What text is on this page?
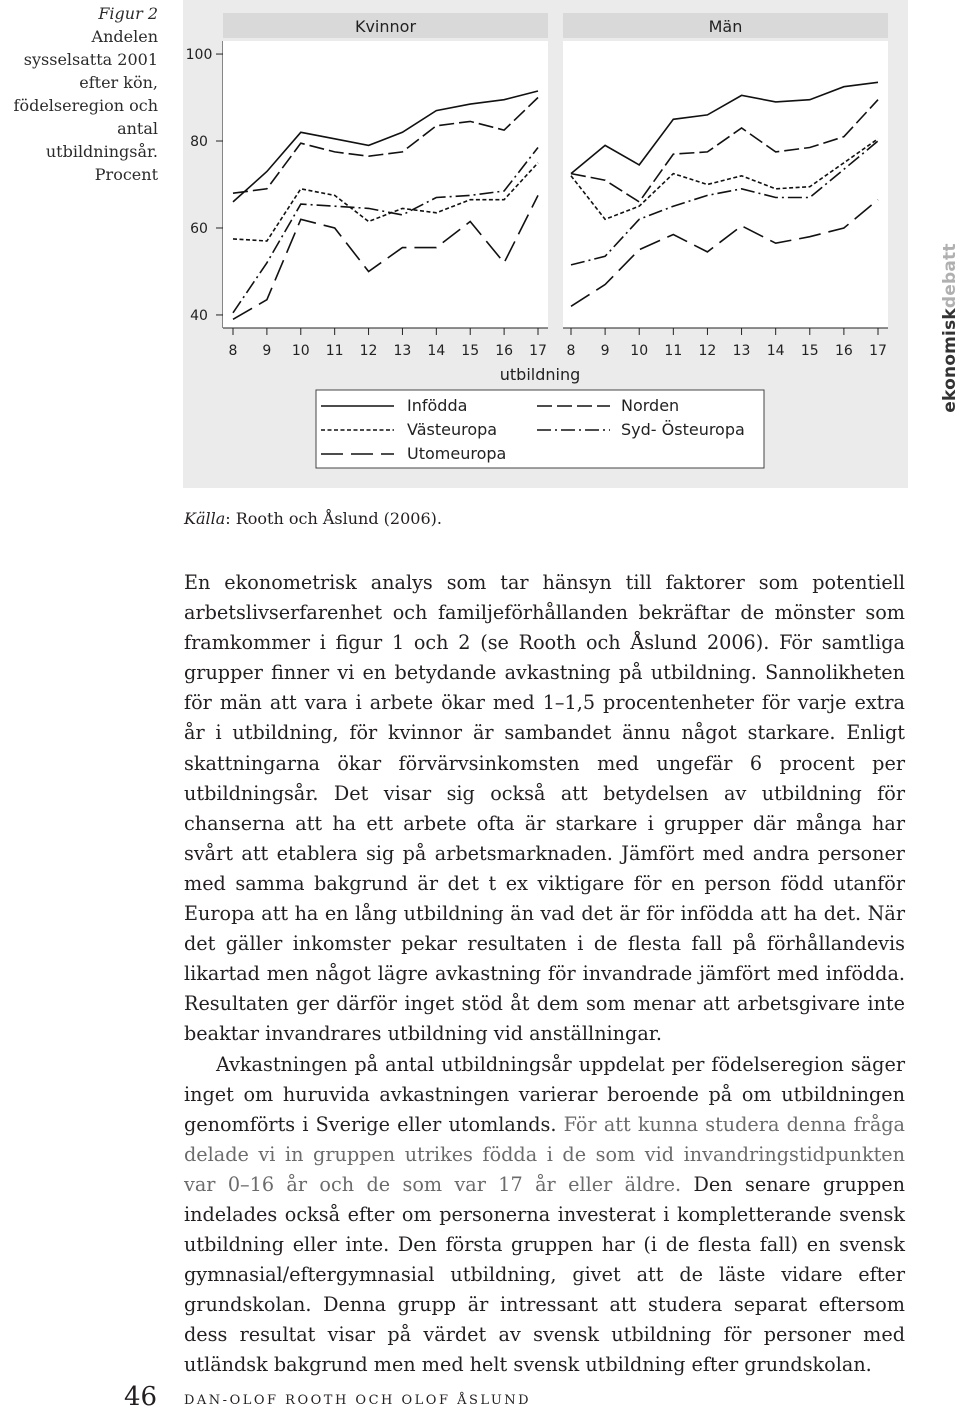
Figur 2
Andelen sysselsatta 2001 efter kön, födelseregion och antal utbildningsår. Procent
40
60
80
100
Kvinnor
8 9 10 11 12 13 14 15 16 17
Män
8 9 10 11 12 13 14 15 16 17
utbildning
Infödda	Norden
Västeuropa	Syd- Östeuropa
Utomeuropa
ekonomiskdebatt
Källa: Rooth och Åslund (2006).

En ekonometrisk analys som tar hänsyn till faktorer som potentiell arbetslivserfarenhet och familjeförhållanden bekräftar de mönster som framkommer i figur 1 och 2 (se Rooth och Åslund 2006). För samtliga grupper finner vi en betydande avkastning på utbildning. Sannolikheten för män att vara i arbete ökar med 1–1,5 procentenheter för varje extra år i utbildning, för kvinnor är sambandet ännu något starkare. Enligt skattningarna ökar förvärvsinkomsten med ungefär 6 procent per utbildningsår. Det visar sig också att betydelsen av utbildning för chanserna att ha ett arbete ofta är starkare i grupper där många har svårt att etablera sig på arbetsmarknaden. Jämfört med andra personer med samma bakgrund är det t ex viktigare för en person född utanför Europa att ha en lång utbildning än vad det är för infödda att ha det. När det gäller inkomster pekar resultaten i de flesta fall på förhållandevis likartad men något lägre avkastning för invandrade jämfört med infödda. Resultaten ger därför inget stöd åt dem som menar att arbetsgivare inte beaktar invandrares utbildning vid anställningar.

Avkastningen på antal utbildningsår uppdelat per födelseregion säger inget om huruvida avkastningen varierar beroende på om utbildningen genomförts i Sverige eller utomlands. För att kunna studera denna fråga delade vi in gruppen utrikes födda i de som vid invandringstidpunkten var 0–16 år och de som var 17 år eller äldre. Den senare gruppen indelades också efter om personerna investerat i kompletterande svensk utbildning eller inte. Den första gruppen har (i de flesta fall) en svensk gymnasial/eftergymnasial utbildning, givet att de läste vidare efter grundskolan. Denna grupp är intressant att studera separat eftersom dess resultat visar på värdet av svensk utbildning för personer med utländsk bakgrund men med helt svensk utbildning efter grundskolan.

46 DAN-OLOF ROOTH OCH OLOF ÅSLUND
